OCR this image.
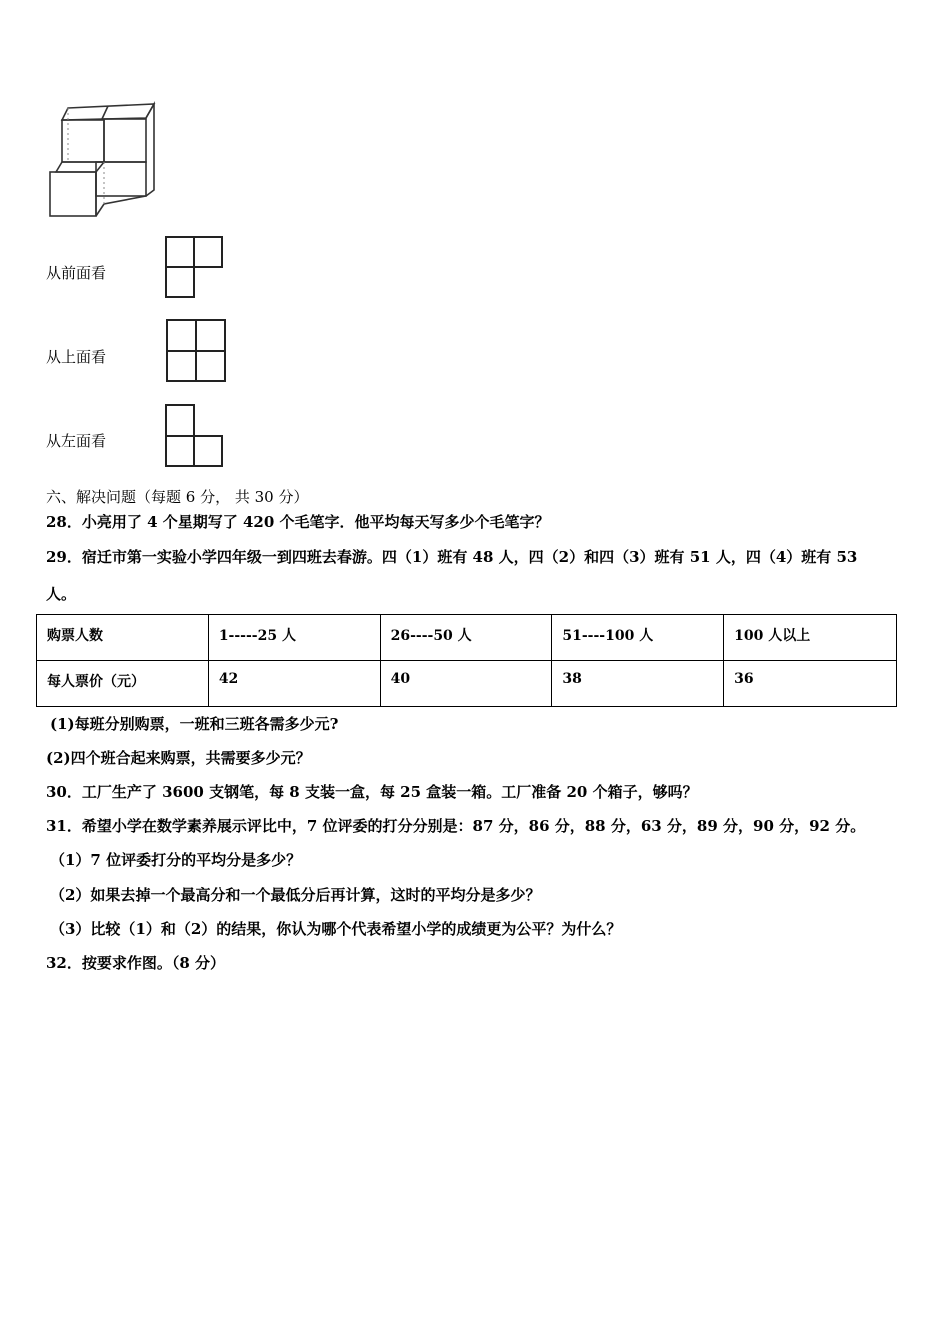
从前面看
从上面看
从左面看
六、解决问题（每题 6 分， 共 30 分）
28．小亮用了 4 个星期写了 420 个毛笔字．他平均每天写多少个毛笔字？
29．宿迁市第一实验小学四年级一到四班去春游。四（1）班有 48 人，四（2）和四（3）班有 51 人，四（4）班有 53
人。
购票人数	1-----25 人	26----50 人	51----100 人	100 人以上
每人票价（元）	42	40	38	36
(1)每班分别购票，一班和三班各需多少元?
(2)四个班合起来购票，共需要多少元？
30．工厂生产了 3600 支钢笔，每 8 支装一盒，每 25 盒装一箱。工厂准备 20 个箱子，够吗？
31．希望小学在数学素养展示评比中，7 位评委的打分分别是：87 分，86 分，88 分，63 分，89 分，90 分，92 分。
（1）7 位评委打分的平均分是多少？
（2）如果去掉一个最高分和一个最低分后再计算，这时的平均分是多少？
（3）比较（1）和（2）的结果，你认为哪个代表希望小学的成绩更为公平？为什么？
32．按要求作图。（8 分）
